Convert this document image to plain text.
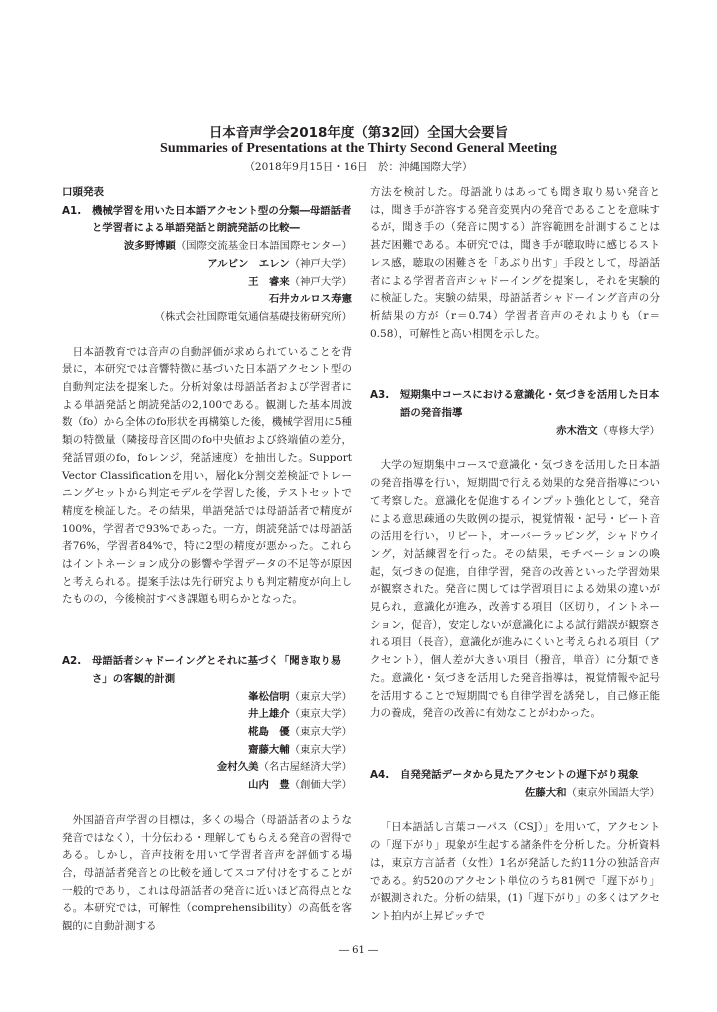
日本音声学会2018年度（第32回）全国大会要旨
Summaries of Presentations at the Thirty Second General Meeting
（2018年9月15日・16日　於：沖縄国際大学）
口頭発表
A1.	機械学習を用いた日本語アクセント型の分類―母語話者と学習者による単語発話と朗読発話の比較―
波多野博顕（国際交流基金日本語国際センター）
アルビン　エレン（神戸大学）
王　睿来（神戸大学）
石井カルロス寿憲
（株式会社国際電気通信基礎技術研究所）

日本語教育では音声の自動評価が求められていることを背景に，本研究では音響特徴に基づいた日本語アクセント型の自動判定法を提案した。分析対象は母語話者および学習者による単語発話と朗読発話の2,100である。観測した基本周波数（fo）から全体のfo形状を再構築した後，機械学習用に5種類の特徴量（隣接母音区間のfo中央値および終端値の差分，発話冒頭のfo，foレンジ，発話速度）を抽出した。Support Vector Classificationを用い，層化k分割交差検証でトレーニングセットから判定モデルを学習した後，テストセットで精度を検証した。その結果，単語発話では母語話者で精度が100%，学習者で93%であった。一方，朗読発話では母語話者76%，学習者84%で，特に2型の精度が悪かった。これらはイントネーション成分の影響や学習データの不足等が原因と考えられる。提案手法は先行研究よりも判定精度が向上したものの，今後検討すべき課題も明らかとなった。

A2.	母語話者シャドーイングとそれに基づく「聞き取り易さ」の客観的計測
峯松信明（東京大学）
井上雄介（東京大学）
椛島　優（東京大学）
齋藤大輔（東京大学）
金村久美（名古屋経済大学）
山内　豊（創価大学）

外国語音声学習の目標は，多くの場合（母語話者のような発音ではなく），十分伝わる・理解してもらえる発音の習得である。しかし，音声技術を用いて学習者音声を評価する場合，母語話者発音との比較を通してスコア付けをすることが一般的であり，これは母語話者の発音に近いほど高得点となる。本研究では，可解性（comprehensibility）の高低を客観的に自動計測する

方法を検討した。母語訛りはあっても聞き取り易い発音とは，聞き手が許容する発音変異内の発音であることを意味するが，聞き手の（発音に関する）許容範囲を計測することは甚だ困難である。本研究では，聞き手が聴取時に感じるストレス感，聴取の困難さを「あぶり出す」手段として，母語話者による学習者音声シャドーイングを提案し，それを実験的に検証した。実験の結果，母語話者シャドーイング音声の分析結果の方が（r＝0.74）学習者音声のそれよりも（r＝0.58），可解性と高い相関を示した。

A3.	短期集中コースにおける意識化・気づきを活用した日本語の発音指導
赤木浩文（専修大学）

大学の短期集中コースで意識化・気づきを活用した日本語の発音指導を行い，短期間で行える効果的な発音指導について考察した。意識化を促進するインプット強化として，発音による意思疎通の失敗例の提示，視覚情報・記号・ビート音の活用を行い，リピート，オーバーラッピング，シャドウイング，対話練習を行った。その結果，モチベーションの喚起，気づきの促進，自律学習，発音の改善といった学習効果が観察された。発音に関しては学習項目による効果の違いが見られ，意識化が進み，改善する項目（区切り，イントネーション，促音），安定しないが意識化による試行錯誤が観察される項目（長音），意識化が進みにくいと考えられる項目（アクセント），個人差が大きい項目（撥音，単音）に分類できた。意識化・気づきを活用した発音指導は，視覚情報や記号を活用することで短期間でも自律学習を誘発し，自己修正能力の養成，発音の改善に有効なことがわかった。

A4.	自発発話データから見たアクセントの遅下がり現象
佐藤大和（東京外国語大学）

「日本語話し言葉コーパス（CSJ）」を用いて，アクセントの「遅下がり」現象が生起する諸条件を分析した。分析資料は，東京方言話者（女性）1名が発話した約11分の独話音声である。約520のアクセント単位のうち81例で「遅下がり」が観測された。分析の結果，(1)「遅下がり」の多くはアクセント拍内が上昇ピッチで

― 61 ―
